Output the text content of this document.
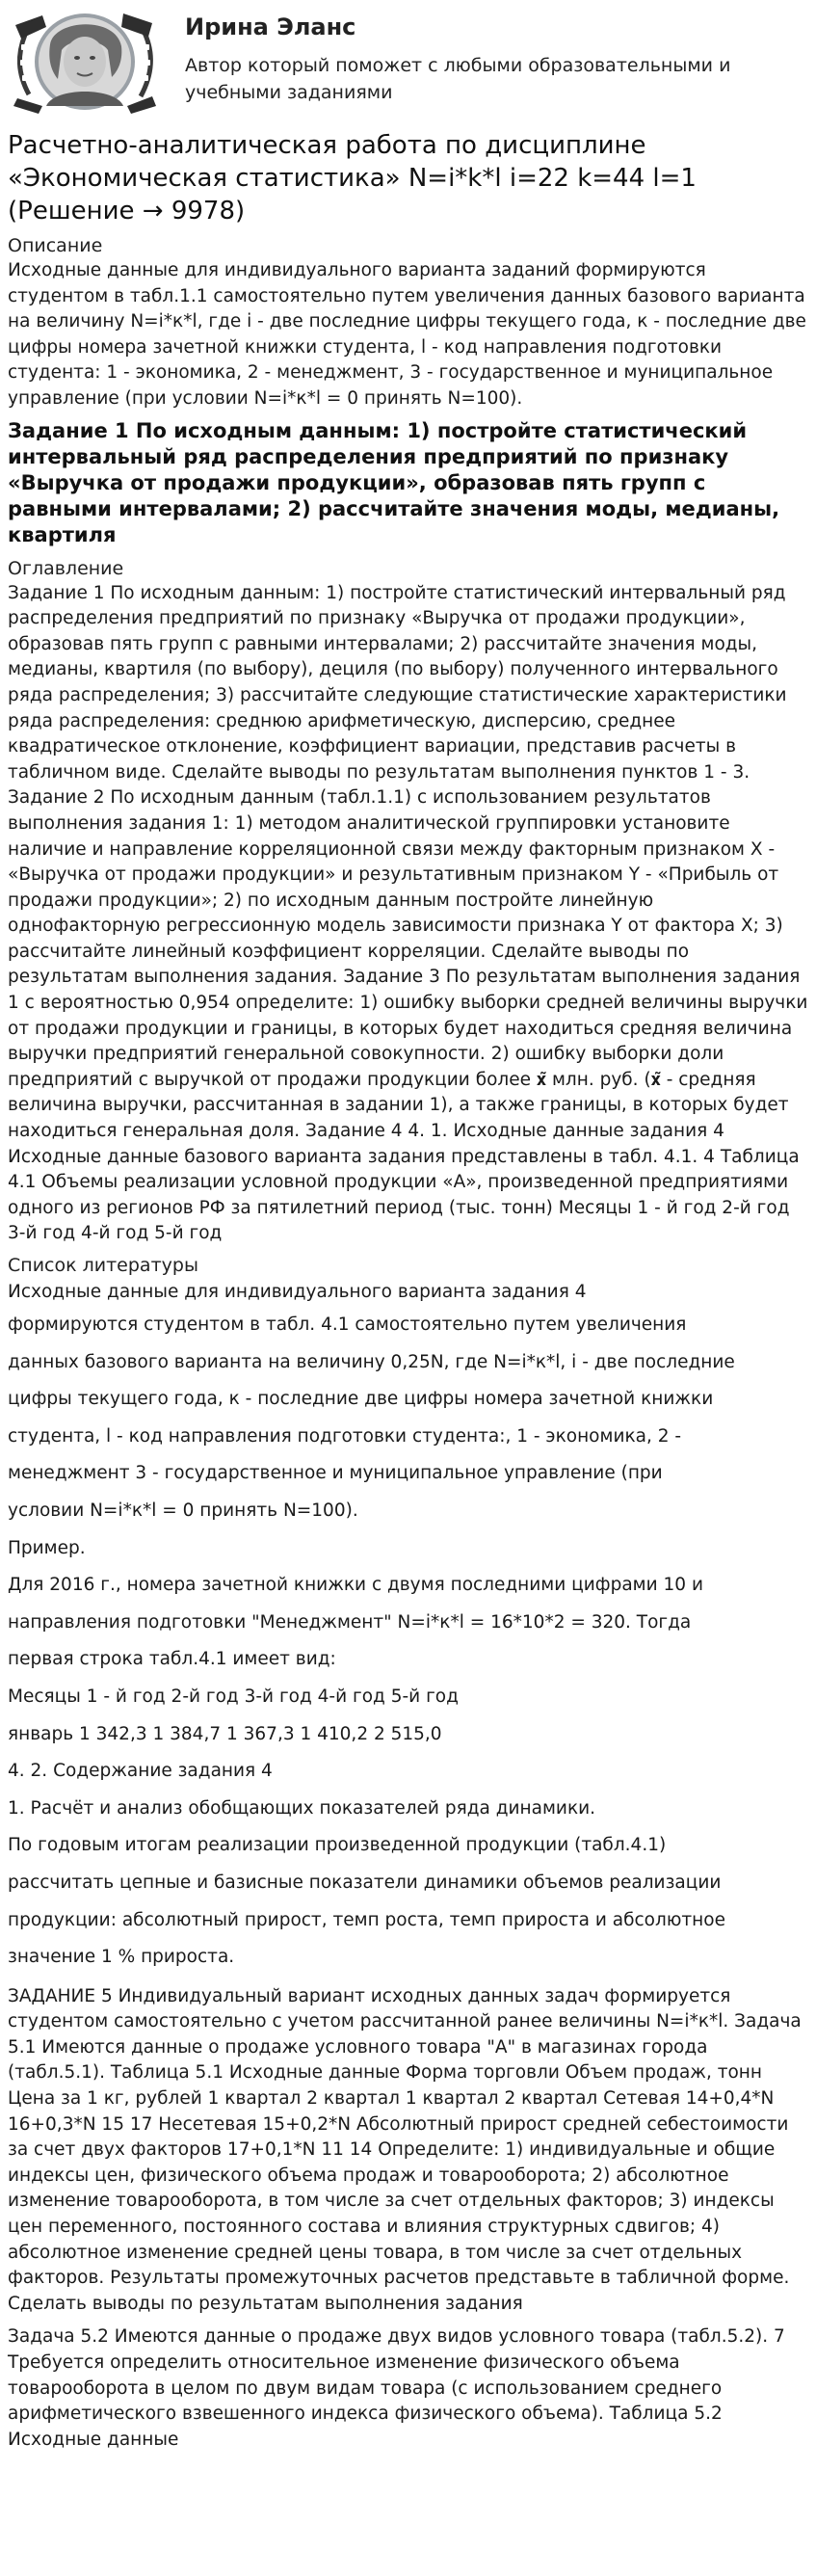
Ирина Эланс
Автор который поможет с любыми образовательными и учебными заданиями
Расчетно-аналитическая работа по дисциплине «Экономическая статистика» N=i*k*l i=22 k=44 l=1 (Решение → 9978)
Описание

Исходные данные для индивидуального варианта заданий формируются студентом в табл.1.1 самостоятельно путем увеличения данных базового варианта на величину N=i*к*l, где i - две последние цифры текущего года, к - последние две цифры номера зачетной книжки студента, l - код направления подготовки студента: 1 - экономика, 2 - менеджмент, 3 - государственное и муниципальное управление (при условии N=i*к*l = 0 принять N=100).

Задание 1 По исходным данным: 1) постройте статистический интервальный ряд распределения предприятий по признаку «Выручка от продажи продукции», образовав пять групп с равными интервалами; 2) рассчитайте значения моды, медианы, квартиля
Оглавление

Задание 1 По исходным данным: 1) постройте статистический интервальный ряд распределения предприятий по признаку «Выручка от продажи продукции», образовав пять групп с равными интервалами; 2) рассчитайте значения моды, медианы, квартиля (по выбору), дециля (по выбору) полученного интервального ряда распределения; 3) рассчитайте следующие статистические характеристики ряда распределения: среднюю арифметическую, дисперсию, среднее квадратическое отклонение, коэффициент вариации, представив расчеты в табличном виде. Сделайте выводы по результатам выполнения пунктов 1 - 3. Задание 2 По исходным данным (табл.1.1) с использованием результатов выполнения задания 1: 1) методом аналитической группировки установите наличие и направление корреляционной связи между факторным признаком X - «Выручка от продажи продукции» и результативным признаком Y - «Прибыль от продажи продукции»; 2) по исходным данным постройте линейную однофакторную регрессионную модель зависимости признака Y от фактора X; 3) рассчитайте линейный коэффициент корреляции. Сделайте выводы по результатам выполнения задания. Задание 3 По результатам выполнения задания 1 с вероятностью 0,954 определите: 1) ошибку выборки средней величины выручки от продажи продукции и границы, в которых будет находиться средняя величина выручки предприятий генеральной совокупности. 2) ошибку выборки доли предприятий с выручкой от продажи продукции более 𝐱̃ млн. руб. (𝐱̃ - средняя величина выручки, рассчитанная в задании 1), а также границы, в которых будет находиться генеральная доля. Задание 4 4. 1. Исходные данные задания 4 Исходные данные базового варианта задания представлены в табл. 4.1. 4 Таблица 4.1 Объемы реализации условной продукции «А», произведенной предприятиями одного из регионов РФ за пятилетний период (тыс. тонн) Месяцы 1 - й год 2-й год 3-й год 4-й год 5-й год

Список литературы

Исходные данные для индивидуального варианта задания 4

формируются студентом в табл. 4.1 самостоятельно путем увеличения

данных базового варианта на величину 0,25N, где N=i*к*l, i - две последние

цифры текущего года, к - последние две цифры номера зачетной книжки

студента, l - код направления подготовки студента:, 1 - экономика, 2 -

менеджмент 3 - государственное и муниципальное управление (при

условии N=i*к*l = 0 принять N=100).

Пример.

Для 2016 г., номера зачетной книжки с двумя последними цифрами 10 и

направления подготовки "Менеджмент" N=i*к*l = 16*10*2 = 320. Тогда

первая строка табл.4.1 имеет вид:

Месяцы 1 - й год 2-й год 3-й год 4-й год 5-й год

январь 1 342,3 1 384,7 1 367,3 1 410,2 2 515,0

4. 2. Содержание задания 4

1. Расчёт и анализ обобщающих показателей ряда динамики.

По годовым итогам реализации произведенной продукции (табл.4.1)

рассчитать цепные и базисные показатели динамики объемов реализации

продукции: абсолютный прирост, темп роста, темп прироста и абсолютное

значение 1 % прироста.

ЗАДАНИЕ 5 Индивидуальный вариант исходных данных задач формируется студентом самостоятельно с учетом рассчитанной ранее величины N=i*к*l. Задача 5.1 Имеются данные о продаже условного товара "А" в магазинах города (табл.5.1). Таблица 5.1 Исходные данные Форма торговли Объем продаж, тонн Цена за 1 кг, рублей 1 квартал 2 квартал 1 квартал 2 квартал Сетевая 14+0,4*N 16+0,3*N 15 17 Несетевая 15+0,2*N Абсолютный прирост средней себестоимости за счет двух факторов 17+0,1*N 11 14 Определите: 1) индивидуальные и общие индексы цен, физического объема продаж и товарооборота; 2) абсолютное изменение товарооборота, в том числе за счет отдельных факторов; 3) индексы цен переменного, постоянного состава и влияния структурных сдвигов; 4) абсолютное изменение средней цены товара, в том числе за счет отдельных факторов. Результаты промежуточных расчетов представьте в табличной форме. Сделать выводы по результатам выполнения задания

Задача 5.2 Имеются данные о продаже двух видов условного товара (табл.5.2). 7 Требуется определить относительное изменение физического объема товарооборота в целом по двум видам товара (с использованием среднего арифметического взвешенного индекса физического объема). Таблица 5.2 Исходные данные
